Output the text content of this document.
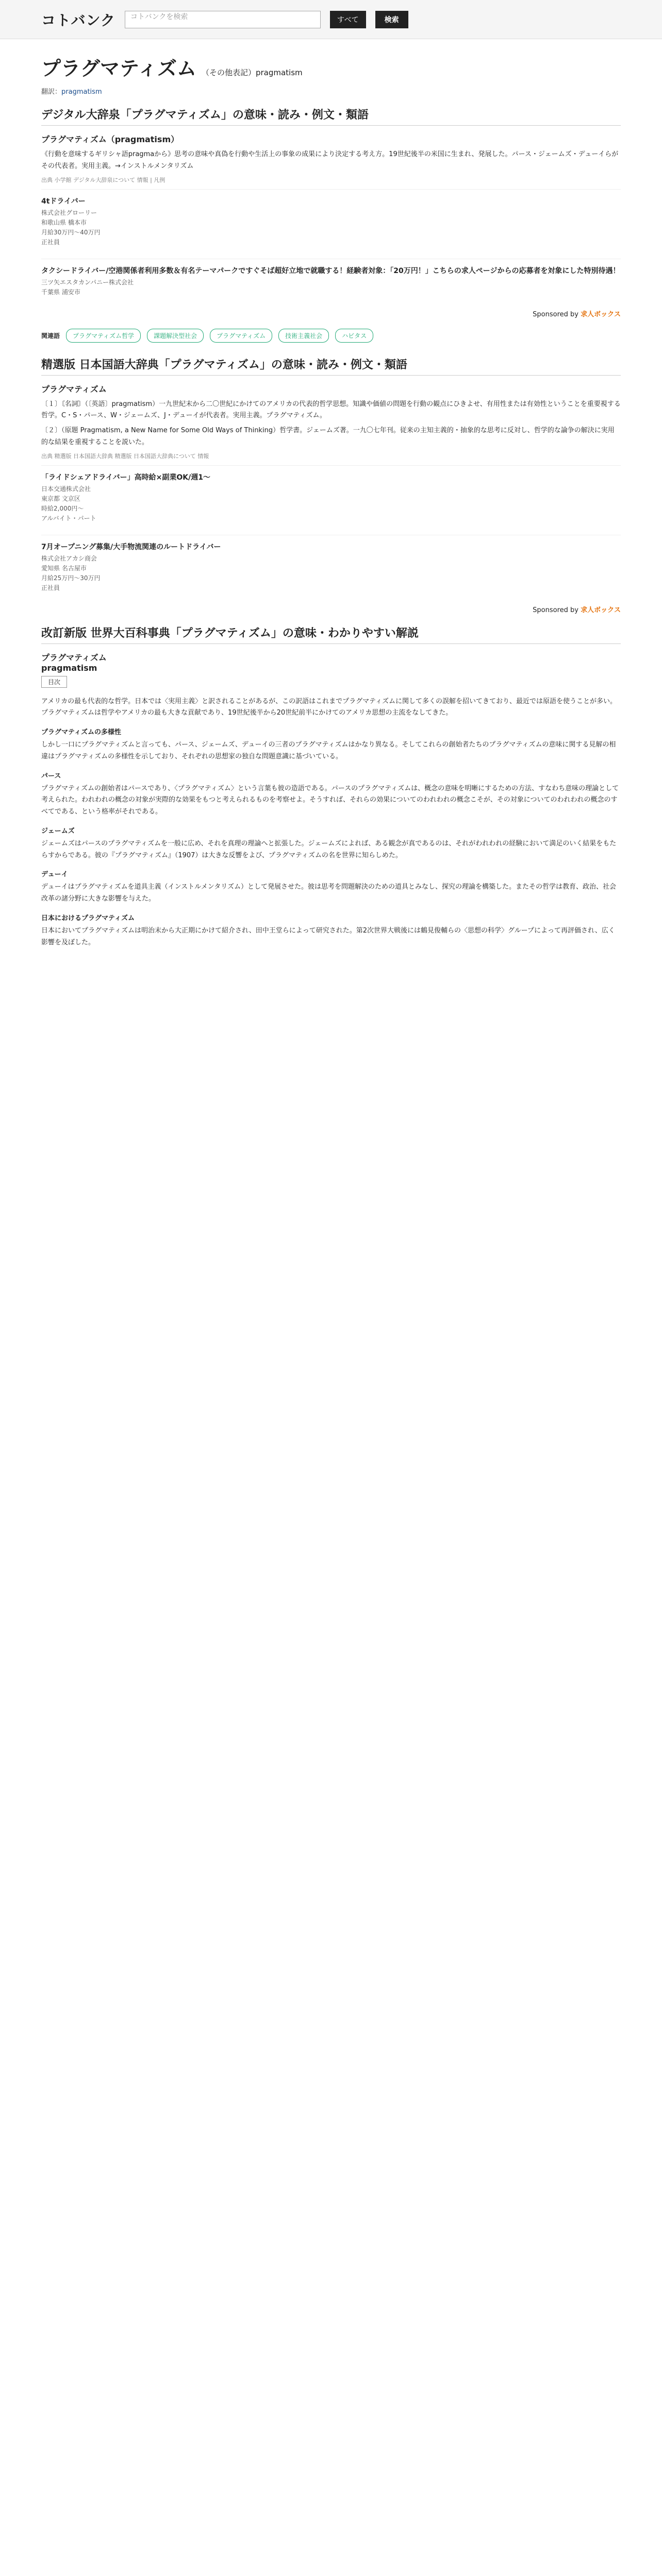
コトバンク	コトバンクを検索	すべて	検索
プラグマティズム （その他表記）pragmatism
翻訳：pragmatism
デジタル大辞泉「プラグマティズム」の意味・読み・例文・類語
プラグマティズム（pragmatism）

《行動を意味するギリシャ語pragmaから》思考の意味や真偽を行動や生活上の事象の成果により決定する考え方。19世紀後半の米国に生まれ、発展した。パース・ジェームズ・デューイらがその代表者。実用主義。→インストルメンタリズム

出典 小学館 デジタル大辞泉について 情報 | 凡例
4tドライバー
株式会社グローリー
和歌山県 橋本市
月給30万円〜40万円
正社員
タクシードライバー/空港関係者利用多数＆有名テーマパークですぐそば超好立地で就職する！経験者対象：「20万円！」こちらの求人ページからの応募者を対象にした特別待遇！
三ツ矢エスタカンパニー株式会社
千葉県 浦安市
Sponsored by 求人ボックス
関連語	プラグマティズム哲学	課題解決型社会	プラグマティズム	技術主義社会	ハビタス
精選版 日本国語大辞典「プラグマティズム」の意味・読み・例文・類語
プラグマティズム

〔１〕〘名詞〙（〔英語〕pragmatism）一九世紀末から二〇世紀にかけてのアメリカの代表的哲学思想。知識や価値の問題を行動の観点にひきよせ、有用性または有効性ということを重要視する哲学。C・S・パース、W・ジェームズ、J・デューイが代表者。実用主義。プラグマティズム。

〔２〕（原題 Pragmatism, a New Name for Some Old Ways of Thinking）哲学書。ジェームズ著。一九〇七年刊。従来の主知主義的・抽象的な思考に反対し、哲学的な論争の解決に実用的な結果を重視することを説いた。

出典 精選版 日本国語大辞典 精選版 日本国語大辞典について 情報
「ライドシェアドライバー」高時給×副業OK/週1〜
日本交通株式会社
東京都 文京区
時給2,000円〜
アルバイト・パート
7月オープニング募集/大手物流関連のルートドライバー
株式会社アカシ商会
愛知県 名古屋市
月給25万円〜30万円
正社員
Sponsored by 求人ボックス
改訂新版 世界大百科事典「プラグマティズム」の意味・わかりやすい解説
プラグマティズム
pragmatism
目次

アメリカの最も代表的な哲学。日本では〈実用主義〉と訳されることがあるが、この訳語はこれまでプラグマティズムに関して多くの誤解を招いてきており、最近では原語を使うことが多い。プラグマティズムは哲学やアメリカの最も大きな貢献であり、19世紀後半から20世紀前半にかけてのアメリカ思想の主流をなしてきた。

プラグマティズムの多様性

しかし一口にプラグマティズムと言っても、パース、ジェームズ、デューイの三者のプラグマティズムはかなり異なる。そしてこれらの創始者たちのプラグマティズムの意味に関する見解の相違はプラグマティズムの多様性を示しており、それぞれの思想家の独自な問題意識に基づいている。

パース

プラグマティズムの創始者はパースであり、〈プラグマティズム〉という言葉も彼の造語である。パースのプラグマティズムは、概念の意味を明晰にするための方法、すなわち意味の理論として考えられた。われわれの概念の対象が実際的な効果をもつと考えられるものを考察せよ。そうすれば、それらの効果についてのわれわれの概念こそが、その対象についてのわれわれの概念のすべてである、という格率がそれである。

ジェームズ

ジェームズはパースのプラグマティズムを一般に広め、それを真理の理論へと拡張した。ジェームズによれば、ある観念が真であるのは、それがわれわれの経験において満足のいく結果をもたらすからである。彼の『プラグマティズム』（1907）は大きな反響をよび、プラグマティズムの名を世界に知らしめた。

デューイ

デューイはプラグマティズムを道具主義（インストルメンタリズム）として発展させた。彼は思考を問題解決のための道具とみなし、探究の理論を構築した。またその哲学は教育、政治、社会改革の諸分野に大きな影響を与えた。

日本におけるプラグマティズム

日本においてプラグマティズムは明治末から大正期にかけて紹介され、田中王堂らによって研究された。第2次世界大戦後には鶴見俊輔らの〈思想の科学〉グループによって再評価され、広く影響を及ぼした。
